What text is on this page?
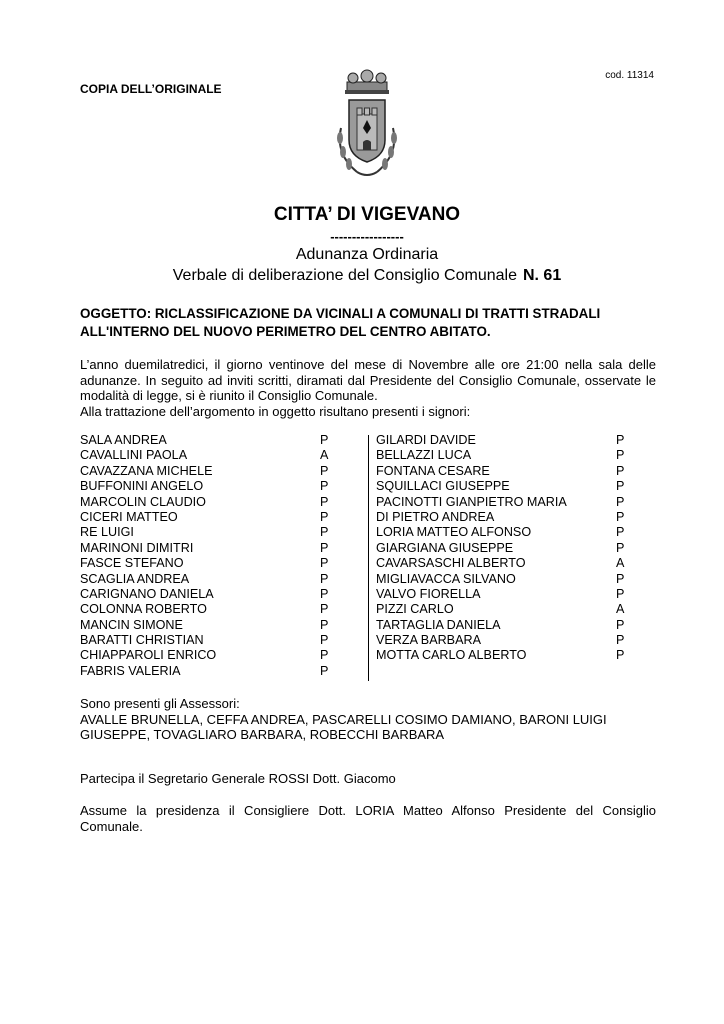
cod. 11314
COPIA DELL’ORIGINALE
CITTA’ DI VIGEVANO
-----------------
Adunanza Ordinaria
Verbale di deliberazione del Consiglio Comunale N. 61
OGGETTO: RICLASSIFICAZIONE DA VICINALI A COMUNALI DI TRATTI STRADALI ALL'INTERNO DEL NUOVO PERIMETRO DEL CENTRO ABITATO.

L’anno duemilatredici, il giorno ventinove del mese di Novembre alle ore 21:00 nella sala delle adunanze. In seguito ad inviti scritti, diramati dal Presidente del Consiglio Comunale, osservate le modalità di legge, si è riunito il Consiglio Comunale.

Alla trattazione dell’argomento in oggetto risultano presenti i signori:

SALA ANDREA	P
CAVALLINI PAOLA	A
CAVAZZANA MICHELE	P
BUFFONINI ANGELO	P
MARCOLIN CLAUDIO	P
CICERI MATTEO	P
RE LUIGI	P
MARINONI DIMITRI	P
FASCE STEFANO	P
SCAGLIA ANDREA	P
CARIGNANO DANIELA	P
COLONNA ROBERTO	P
MANCIN SIMONE	P
BARATTI CHRISTIAN	P
CHIAPPAROLI ENRICO	P
FABRIS VALERIA	P
GILARDI DAVIDE	P
BELLAZZI LUCA	P
FONTANA CESARE	P
SQUILLACI GIUSEPPE	P
PACINOTTI GIANPIETRO MARIA	P
DI PIETRO ANDREA	P
LORIA MATTEO ALFONSO	P
GIARGIANA GIUSEPPE	P
CAVARSASCHI ALBERTO	A
MIGLIAVACCA SILVANO	P
VALVO FIORELLA	P
PIZZI CARLO	A
TARTAGLIA DANIELA	P
VERZA BARBARA	P
MOTTA CARLO ALBERTO	P

Sono presenti gli Assessori:

AVALLE BRUNELLA, CEFFA ANDREA, PASCARELLI COSIMO DAMIANO, BARONI LUIGI GIUSEPPE, TOVAGLIARO BARBARA, ROBECCHI BARBARA

Partecipa il Segretario Generale ROSSI Dott. Giacomo
Assume la presidenza il Consigliere Dott. LORIA Matteo Alfonso Presidente del Consiglio Comunale.
